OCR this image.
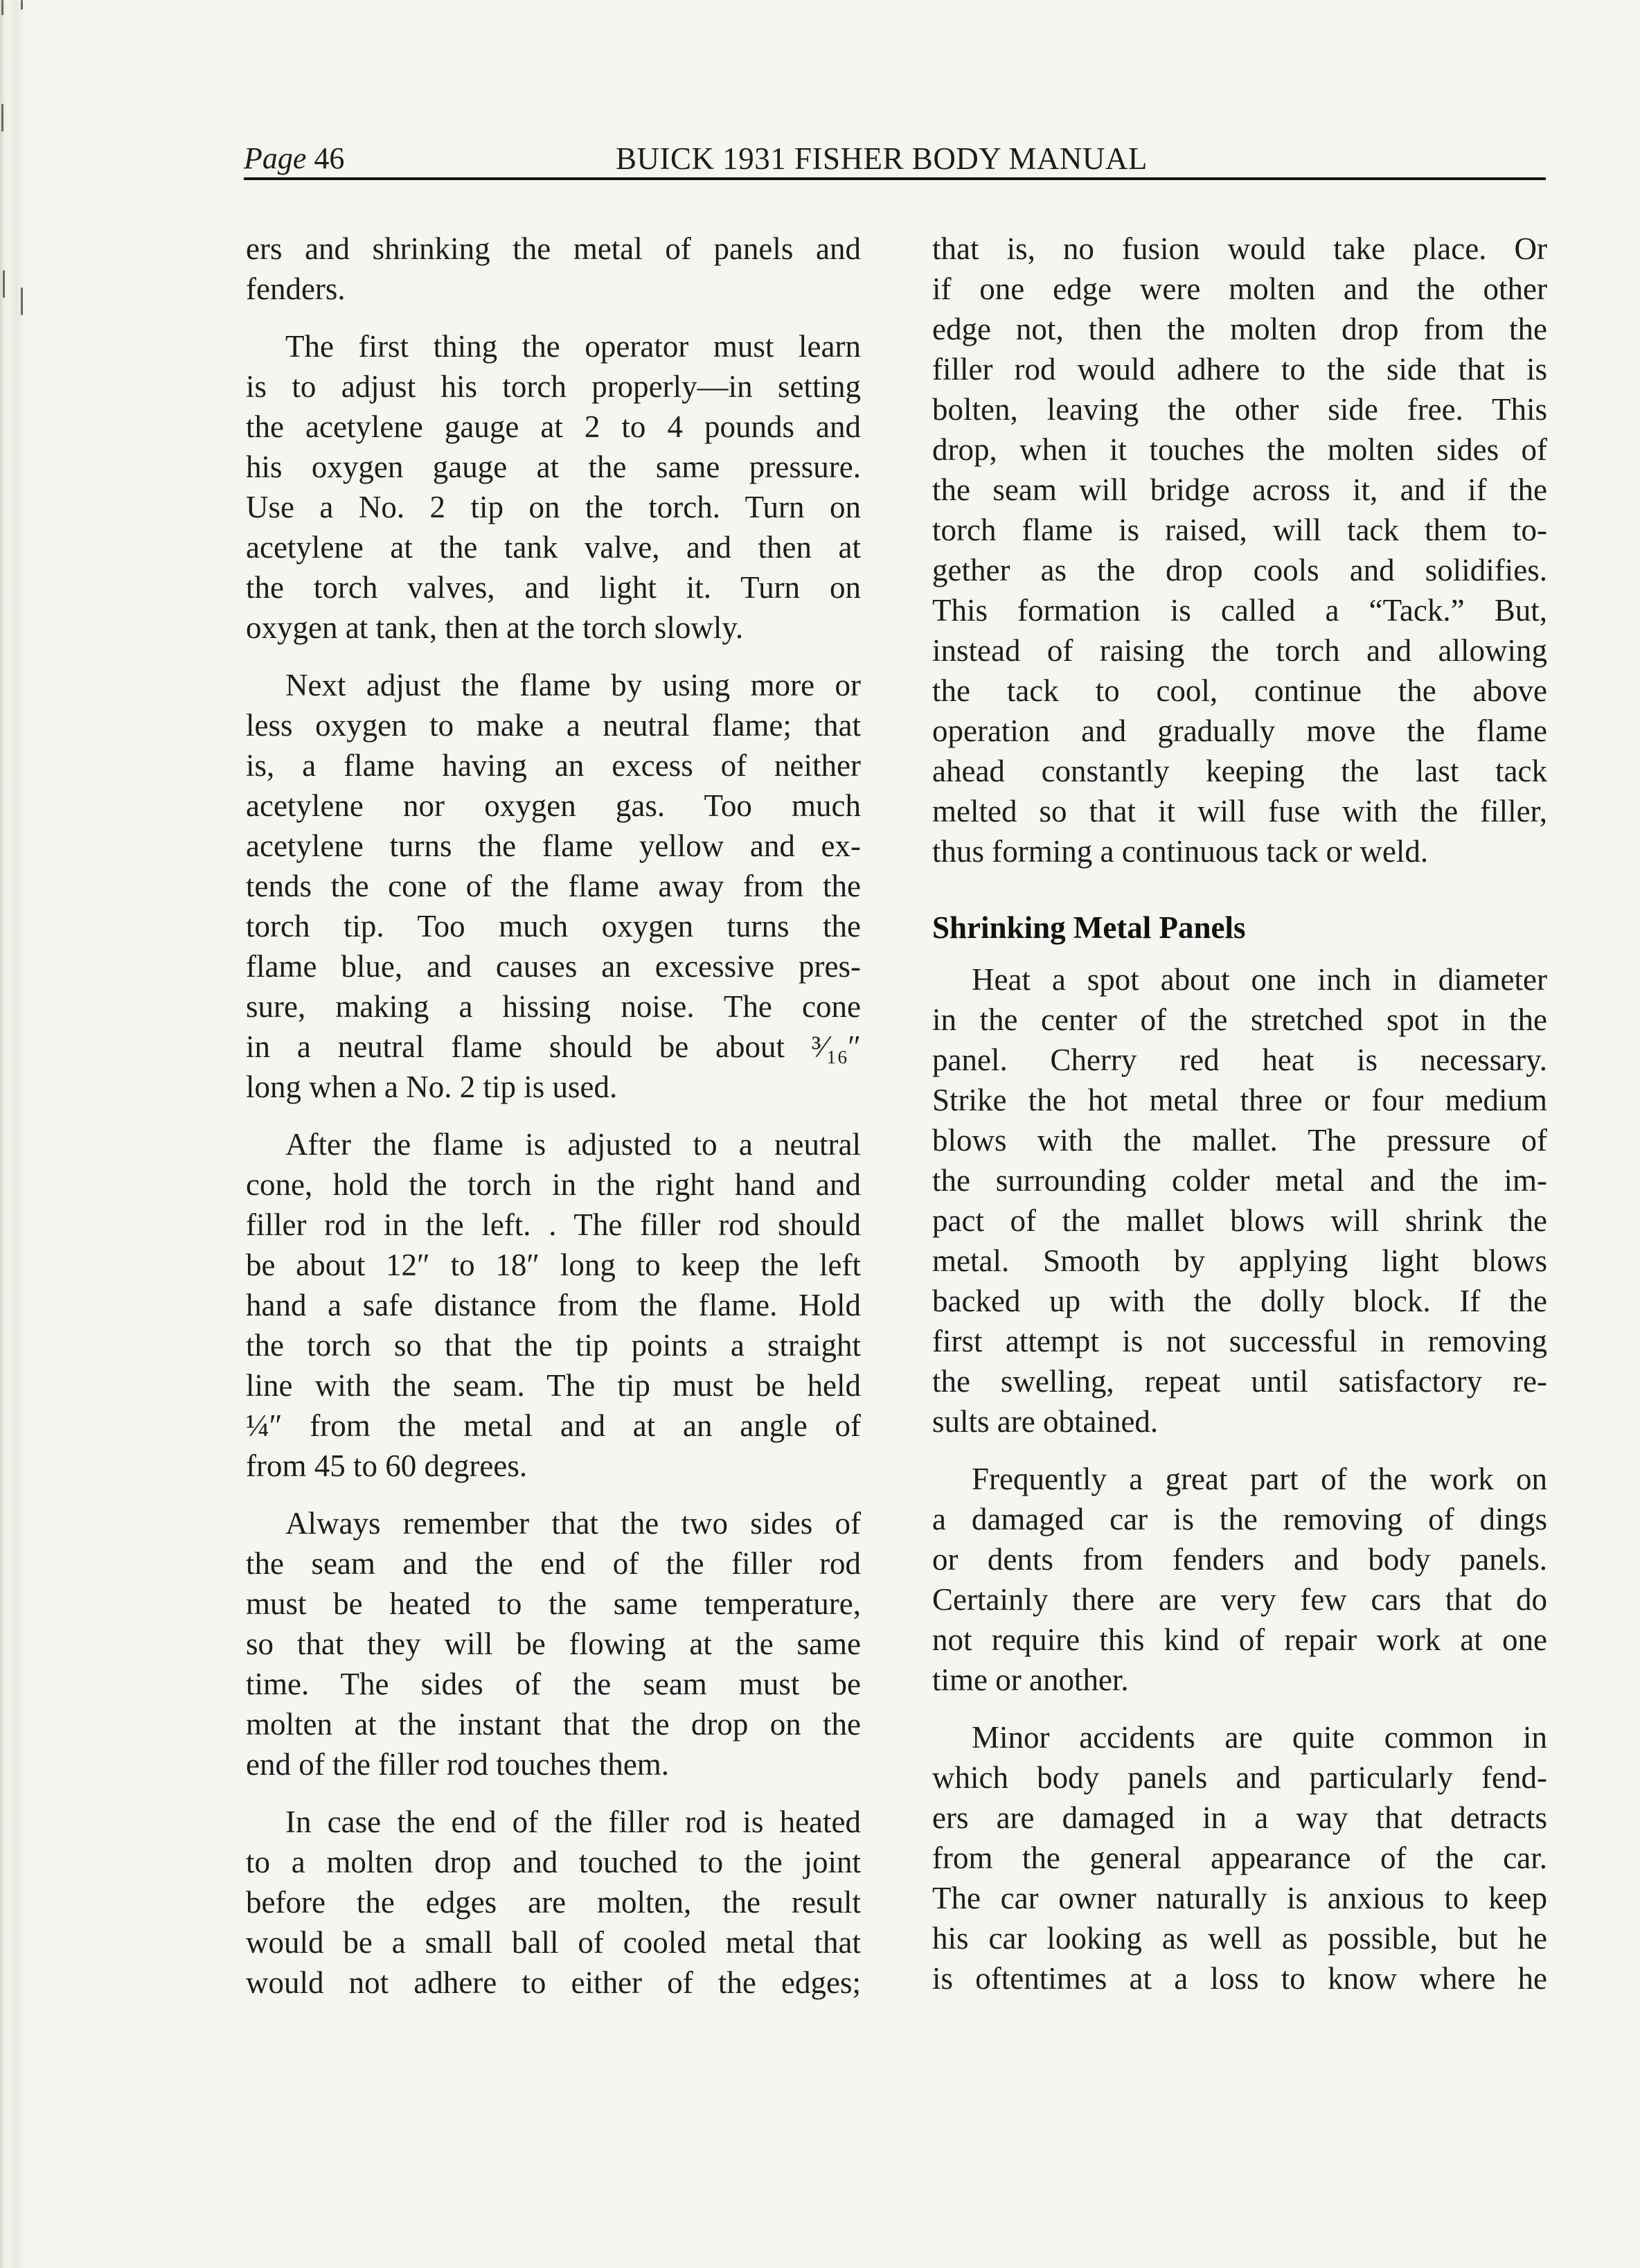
Page 46	BUICK 1931 FISHER BODY MANUAL
ers and shrinking the metal of panels and
fenders.
The first thing the operator must learn
is to adjust his torch properly—in setting
the acetylene gauge at 2 to 4 pounds and
his oxygen gauge at the same pressure.
Use a No. 2 tip on the torch. Turn on
acetylene at the tank valve, and then at
the torch valves, and light it. Turn on
oxygen at tank, then at the torch slowly.
Next adjust the flame by using more or
less oxygen to make a neutral flame; that
is, a flame having an excess of neither
acetylene nor oxygen gas. Too much
acetylene turns the flame yellow and ex-
tends the cone of the flame away from the
torch tip. Too much oxygen turns the
flame blue, and causes an excessive pres-
sure, making a hissing noise. The cone
in a neutral flame should be about ³⁄₁₆″
long when a No. 2 tip is used.
After the flame is adjusted to a neutral
cone, hold the torch in the right hand and
filler rod in the left. . The filler rod should
be about 12″ to 18″ long to keep the left
hand a safe distance from the flame. Hold
the torch so that the tip points a straight
line with the seam. The tip must be held
¼″ from the metal and at an angle of
from 45 to 60 degrees.
Always remember that the two sides of
the seam and the end of the filler rod
must be heated to the same temperature,
so that they will be flowing at the same
time. The sides of the seam must be
molten at the instant that the drop on the
end of the filler rod touches them.
In case the end of the filler rod is heated
to a molten drop and touched to the joint
before the edges are molten, the result
would be a small ball of cooled metal that
would not adhere to either of the edges;
that is, no fusion would take place. Or
if one edge were molten and the other
edge not, then the molten drop from the
filler rod would adhere to the side that is
bolten, leaving the other side free. This
drop, when it touches the molten sides of
the seam will bridge across it, and if the
torch flame is raised, will tack them to-
gether as the drop cools and solidifies.
This formation is called a “Tack.” But,
instead of raising the torch and allowing
the tack to cool, continue the above
operation and gradually move the flame
ahead constantly keeping the last tack
melted so that it will fuse with the filler,
thus forming a continuous tack or weld.
Shrinking Metal Panels
Heat a spot about one inch in diameter
in the center of the stretched spot in the
panel. Cherry red heat is necessary.
Strike the hot metal three or four medium
blows with the mallet. The pressure of
the surrounding colder metal and the im-
pact of the mallet blows will shrink the
metal. Smooth by applying light blows
backed up with the dolly block. If the
first attempt is not successful in removing
the swelling, repeat until satisfactory re-
sults are obtained.
Frequently a great part of the work on
a damaged car is the removing of dings
or dents from fenders and body panels.
Certainly there are very few cars that do
not require this kind of repair work at one
time or another.
Minor accidents are quite common in
which body panels and particularly fend-
ers are damaged in a way that detracts
from the general appearance of the car.
The car owner naturally is anxious to keep
his car looking as well as possible, but he
is oftentimes at a loss to know where he
